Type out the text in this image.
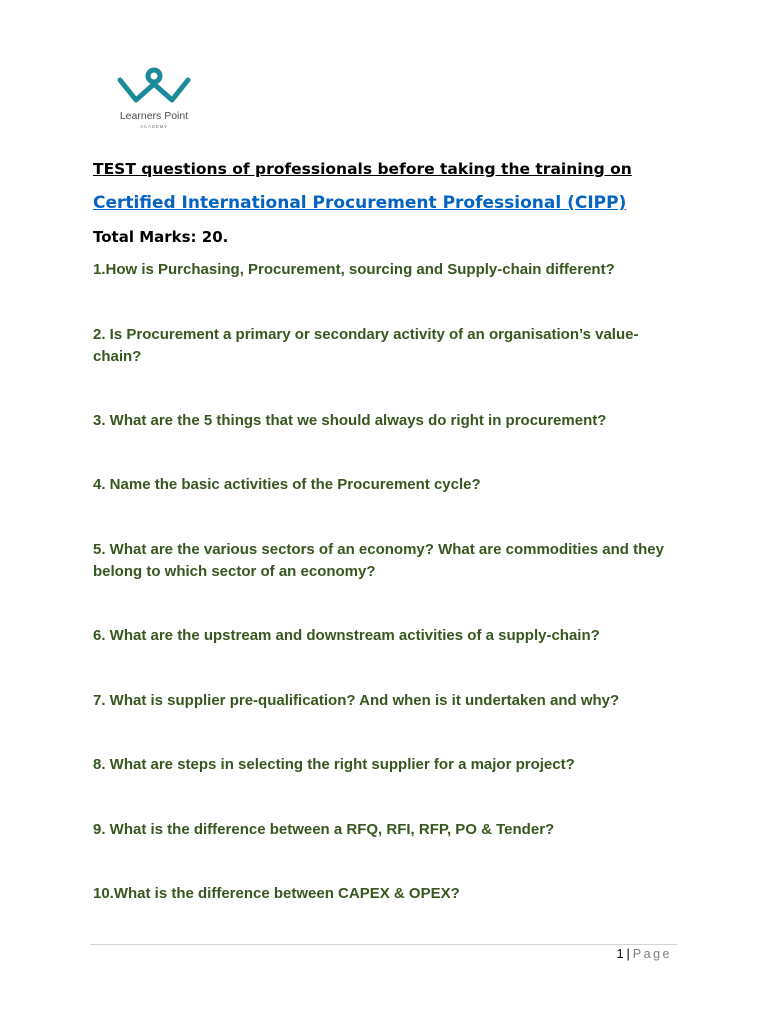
Learners Point
ACADEMY
TEST questions of professionals before taking the training on
Certified International Procurement Professional (CIPP)
Total Marks: 20.
1.How is Purchasing, Procurement, sourcing and Supply-chain different?
2. Is Procurement a primary or secondary activity of an organisation’s value-chain?
3. What are the 5 things that we should always do right in procurement?
4. Name the basic activities of the Procurement cycle?
5. What are the various sectors of an economy? What are commodities and they belong to which sector of an economy?
6. What are the upstream and downstream activities of a supply-chain?
7. What is supplier pre-qualification? And when is it undertaken and why?
8. What are steps in selecting the right supplier for a major project?
9. What is the difference between a RFQ, RFI, RFP, PO & Tender?
10.What is the difference between CAPEX & OPEX?
1 | Page
